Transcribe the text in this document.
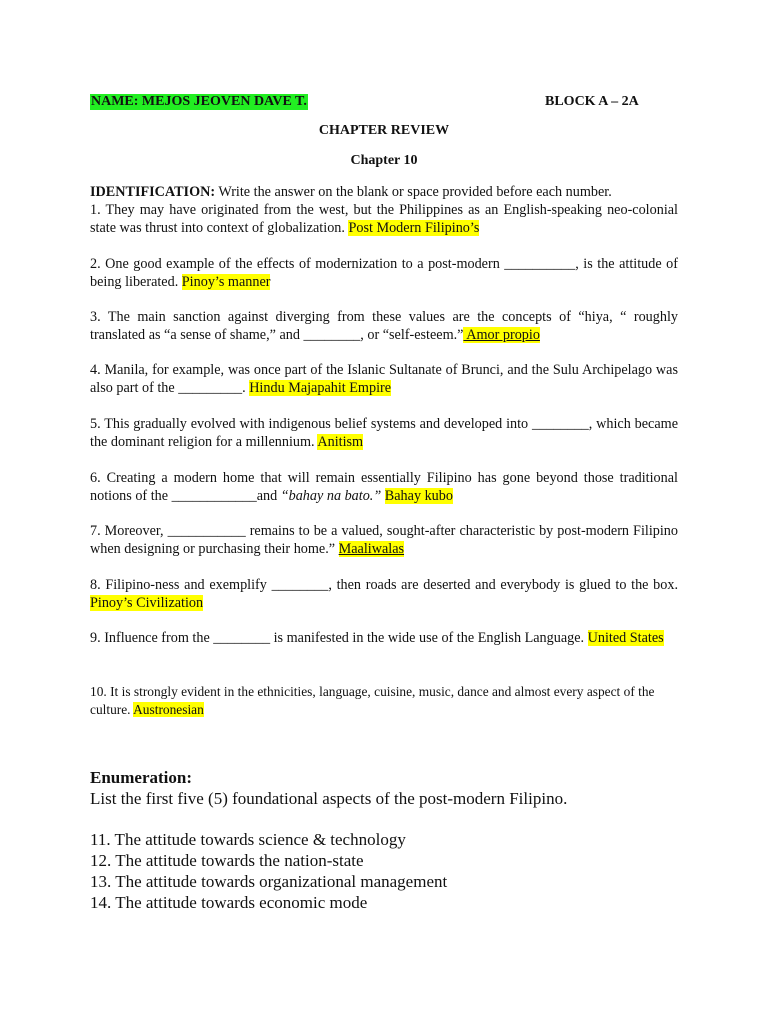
NAME: MEJOS JEOVEN DAVE T.	BLOCK A – 2A
CHAPTER REVIEW
Chapter 10
IDENTIFICATION: Write the answer on the blank or space provided before each number.
1. They may have originated from the west, but the Philippines as an English-speaking neo-colonial state was thrust into context of globalization. Post Modern Filipino’s
2. One good example of the effects of modernization to a post-modern __________, is the attitude of being liberated. Pinoy’s manner
3. The main sanction against diverging from these values are the concepts of “hiya, “ roughly translated as “a sense of shame,” and ________, or “self-esteem.” Amor propio
4. Manila, for example, was once part of the Islanic Sultanate of Brunci, and the Sulu Archipelago was also part of the _________. Hindu Majapahit Empire
5. This gradually evolved with indigenous belief systems and developed into ________, which became the dominant religion for a millennium. Anitism
6. Creating a modern home that will remain essentially Filipino has gone beyond those traditional notions of the ____________and “bahay na bato.” Bahay kubo
7. Moreover, ___________ remains to be a valued, sought-after characteristic by post-modern Filipino when designing or purchasing their home.” Maaliwalas
8. Filipino-ness and exemplify ________, then roads are deserted and everybody is glued to the box. Pinoy’s Civilization
9. Influence from the ________ is manifested in the wide use of the English Language. United States
10. It is strongly evident in the ethnicities, language, cuisine, music, dance and almost every aspect of the culture. Austronesian
Enumeration:
List the first five (5) foundational aspects of the post-modern Filipino.
11. The attitude towards science & technology
12. The attitude towards the nation-state
13. The attitude towards organizational management
14. The attitude towards economic mode
